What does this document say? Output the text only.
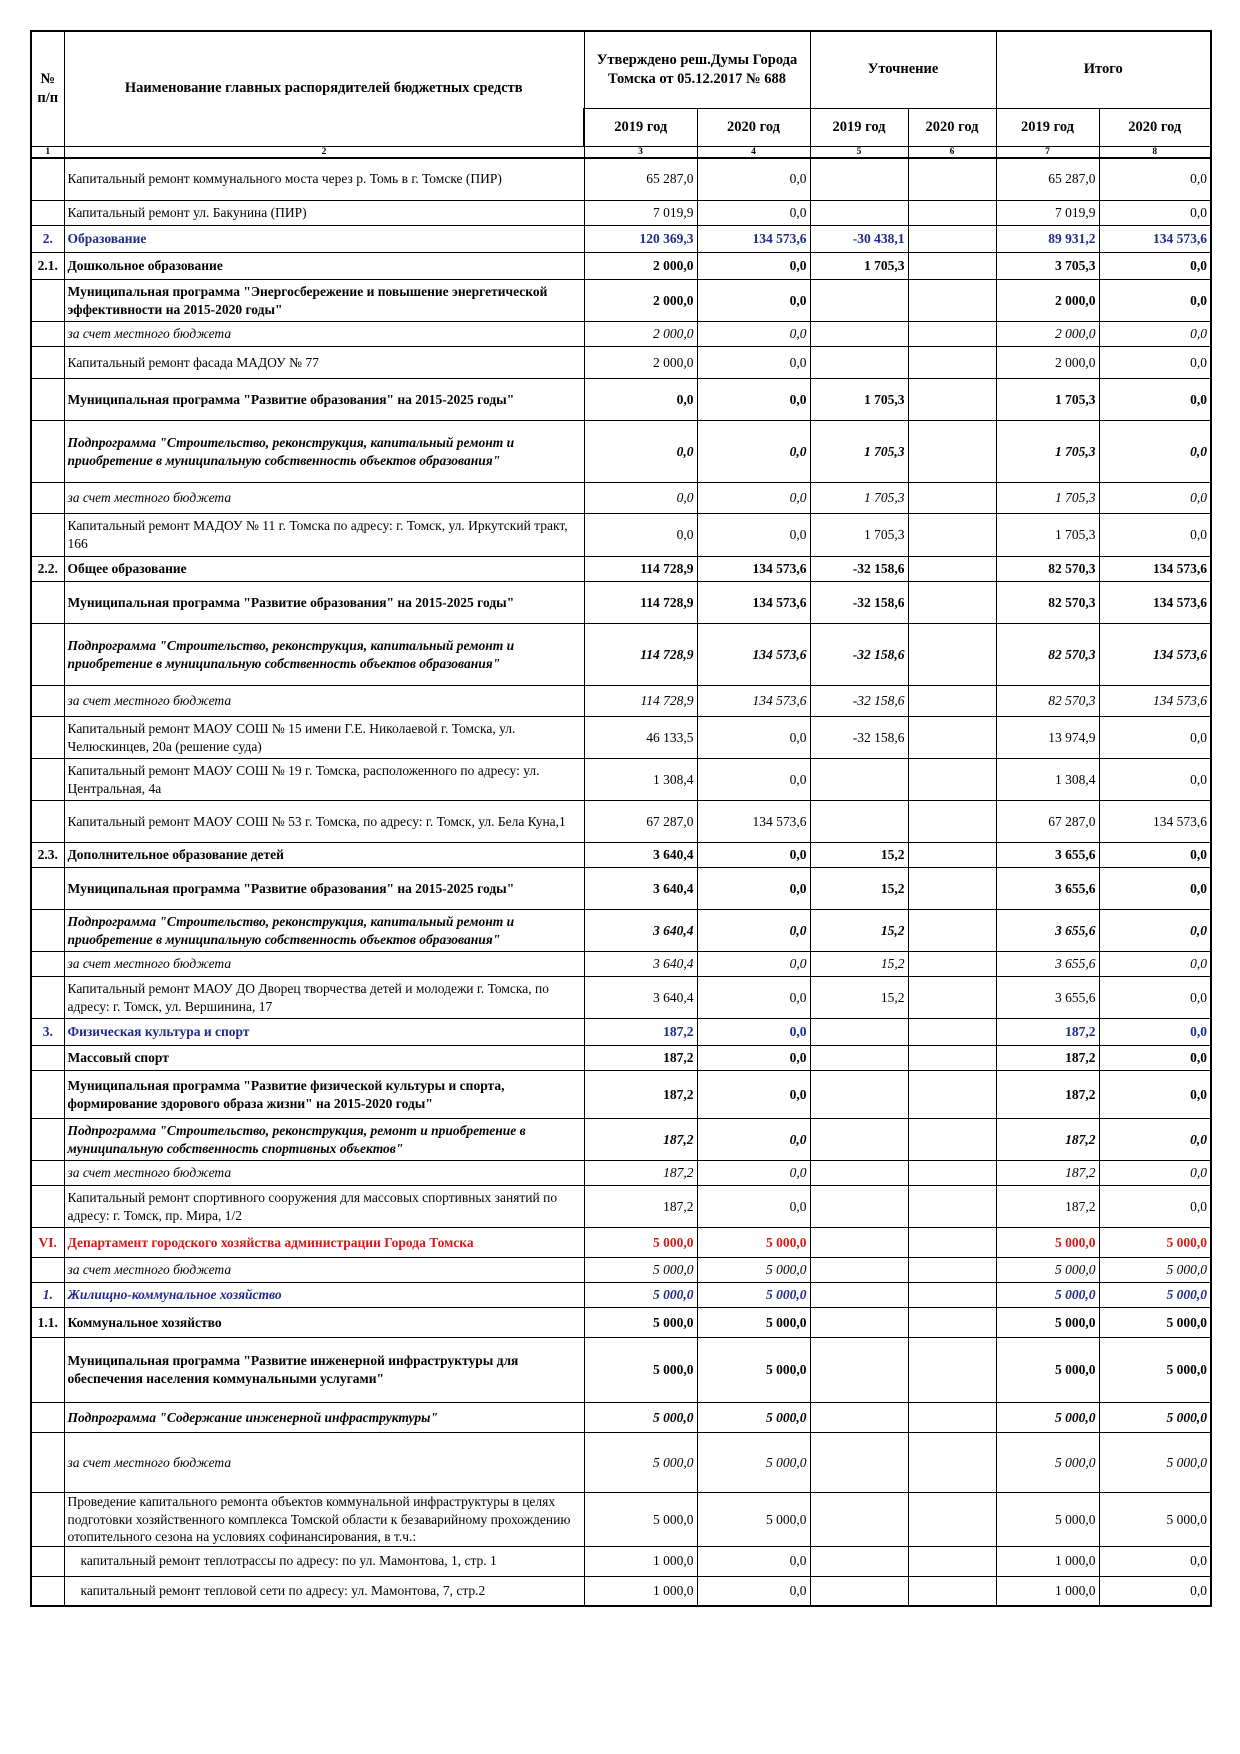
№ п/п	Наименование главных распорядителей бюджетных средств	Утверждено реш.Думы Города Томска от 05.12.2017 № 688		Уточнение		Итого	
		2019 год	2020 год	2019 год	2020 год	2019 год	2020 год
1	2	3	4	5	6	7	8
	Капитальный ремонт коммунального моста через р. Томь в г. Томске (ПИР)	65 287,0	0,0			65 287,0	0,0
	Капитальный ремонт ул. Бакунина (ПИР)	7 019,9	0,0			7 019,9	0,0
2.	Образование	120 369,3	134 573,6	-30 438,1		89 931,2	134 573,6
2.1.	Дошкольное образование	2 000,0	0,0	1 705,3		3 705,3	0,0
	Муниципальная программа "Энергосбережение и повышение энергетической эффективности на 2015-2020 годы"	2 000,0	0,0			2 000,0	0,0
	за счет местного бюджета	2 000,0	0,0			2 000,0	0,0
	Капитальный ремонт фасада МАДОУ № 77	2 000,0	0,0			2 000,0	0,0
	Муниципальная программа "Развитие образования" на 2015-2025 годы"	0,0	0,0	1 705,3		1 705,3	0,0
	Подпрограмма "Строительство, реконструкция, капитальный ремонт и приобретение в муниципальную собственность объектов образования"	0,0	0,0	1 705,3		1 705,3	0,0
	за счет местного бюджета	0,0	0,0	1 705,3		1 705,3	0,0
	Капитальный ремонт МАДОУ № 11 г. Томска по адресу: г. Томск, ул. Иркутский тракт, 166	0,0	0,0	1 705,3		1 705,3	0,0
2.2.	Общее образование	114 728,9	134 573,6	-32 158,6		82 570,3	134 573,6
	Муниципальная программа "Развитие образования" на 2015-2025 годы"	114 728,9	134 573,6	-32 158,6		82 570,3	134 573,6
	Подпрограмма "Строительство, реконструкция, капитальный ремонт и приобретение в муниципальную собственность объектов образования"	114 728,9	134 573,6	-32 158,6		82 570,3	134 573,6
	за счет местного бюджета	114 728,9	134 573,6	-32 158,6		82 570,3	134 573,6
	Капитальный ремонт МАОУ СОШ № 15 имени Г.Е. Николаевой г. Томска, ул. Челюскинцев, 20а (решение суда)	46 133,5	0,0	-32 158,6		13 974,9	0,0
	Капитальный ремонт МАОУ СОШ № 19 г. Томска, расположенного по адресу: ул. Центральная, 4а	1 308,4	0,0			1 308,4	0,0
	Капитальный ремонт МАОУ СОШ № 53 г. Томска, по адресу: г. Томск, ул. Бела Куна,1	67 287,0	134 573,6			67 287,0	134 573,6
2.3.	Дополнительное образование детей	3 640,4	0,0	15,2		3 655,6	0,0
	Муниципальная программа "Развитие образования" на 2015-2025 годы"	3 640,4	0,0	15,2		3 655,6	0,0
	Подпрограмма "Строительство, реконструкция, капитальный ремонт и приобретение в муниципальную собственность объектов образования"	3 640,4	0,0	15,2		3 655,6	0,0
	за счет местного бюджета	3 640,4	0,0	15,2		3 655,6	0,0
	Капитальный ремонт МАОУ ДО Дворец творчества детей и молодежи г. Томска, по адресу: г. Томск, ул. Вершинина, 17	3 640,4	0,0	15,2		3 655,6	0,0
3.	Физическая культура и спорт	187,2	0,0			187,2	0,0
	Массовый спорт	187,2	0,0			187,2	0,0
	Муниципальная программа "Развитие физической культуры и спорта, формирование здорового образа жизни" на 2015-2020 годы"	187,2	0,0			187,2	0,0
	Подпрограмма "Строительство, реконструкция, ремонт и приобретение в муниципальную собственность спортивных объектов"	187,2	0,0			187,2	0,0
	за счет местного бюджета	187,2	0,0			187,2	0,0
	Капитальный ремонт спортивного сооружения для массовых спортивных занятий по адресу: г. Томск, пр. Мира, 1/2	187,2	0,0			187,2	0,0
VI.	Департамент городского хозяйства администрации Города Томска	5 000,0	5 000,0			5 000,0	5 000,0
	за счет местного бюджета	5 000,0	5 000,0			5 000,0	5 000,0
1.	Жилищно-коммунальное хозяйство	5 000,0	5 000,0			5 000,0	5 000,0
1.1.	Коммунальное хозяйство	5 000,0	5 000,0			5 000,0	5 000,0
	Муниципальная программа "Развитие инженерной инфраструктуры для обеспечения населения коммунальными услугами"	5 000,0	5 000,0			5 000,0	5 000,0
	Подпрограмма "Содержание инженерной инфраструктуры"	5 000,0	5 000,0			5 000,0	5 000,0
	за счет местного бюджета	5 000,0	5 000,0			5 000,0	5 000,0
	Проведение капитального ремонта объектов коммунальной инфраструктуры в целях подготовки хозяйственного комплекса Томской области к безаварийному прохождению отопительного сезона на условиях софинансирования, в т.ч.:	5 000,0	5 000,0			5 000,0	5 000,0
	капитальный ремонт теплотрассы по адресу: по ул. Мамонтова, 1, стр. 1	1 000,0	0,0			1 000,0	0,0
	капитальный ремонт тепловой сети по адресу: ул. Мамонтова, 7, стр.2	1 000,0	0,0			1 000,0	0,0
